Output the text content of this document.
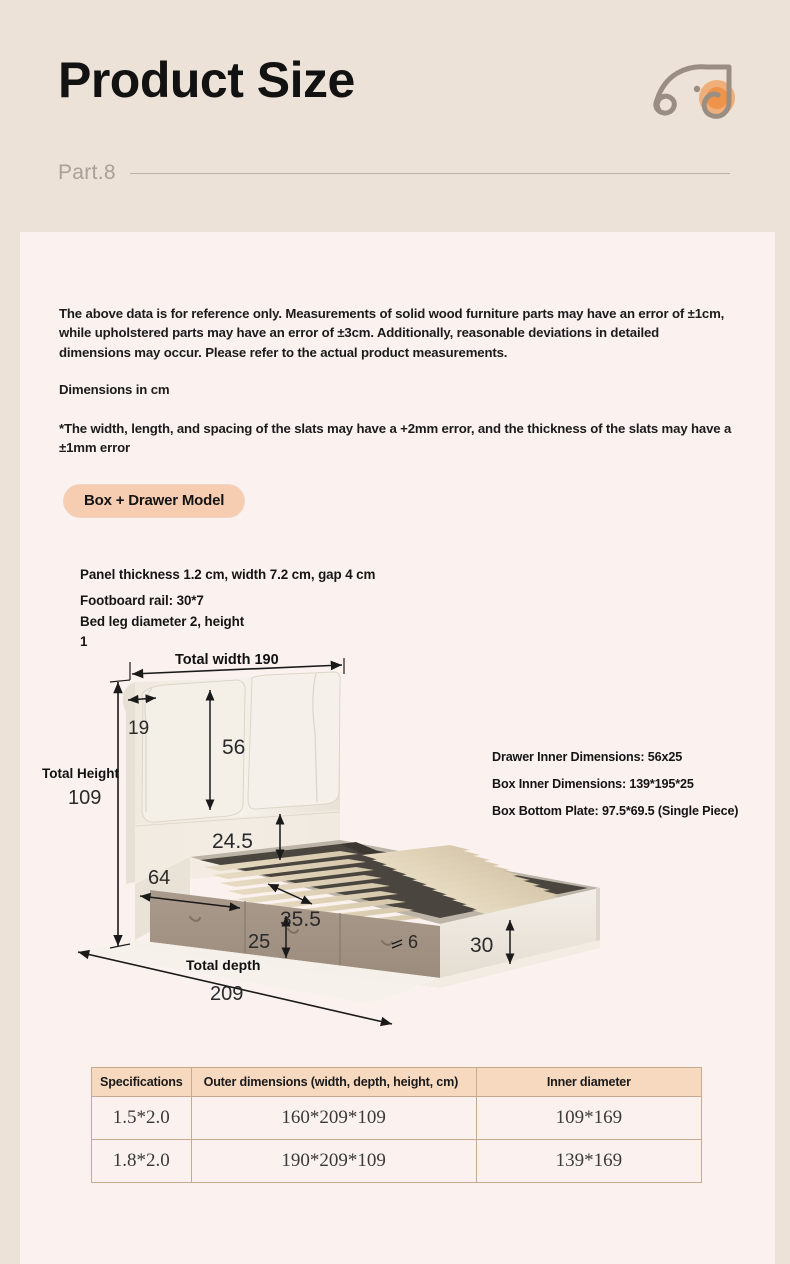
Product Size
Part.8
The above data is for reference only. Measurements of solid wood furniture parts may have an error of ±1cm, while upholstered parts may have an error of ±3cm. Additionally, reasonable deviations in detailed dimensions may occur. Please refer to the actual product measurements.
Dimensions in cm
*The width, length, and spacing of the slats may have a +2mm error, and the thickness of the slats may have a ±1mm error
Box + Drawer Model
Panel thickness 1.2 cm, width 7.2 cm, gap 4 cm
Footboard rail: 30*7
Bed leg diameter 2, height
1
Drawer Inner Dimensions: 56x25
Box Inner Dimensions: 139*195*25
Box Bottom Plate: 97.5*69.5 (Single Piece)
Total width 190
Total Height
109
19
56
24.5
64
35.5
25	6 30
Total depth
209
Specifications	Outer dimensions (width, depth, height, cm)	Inner diameter
1.5*2.0	160*209*109	109*169
1.8*2.0	190*209*109	139*169
